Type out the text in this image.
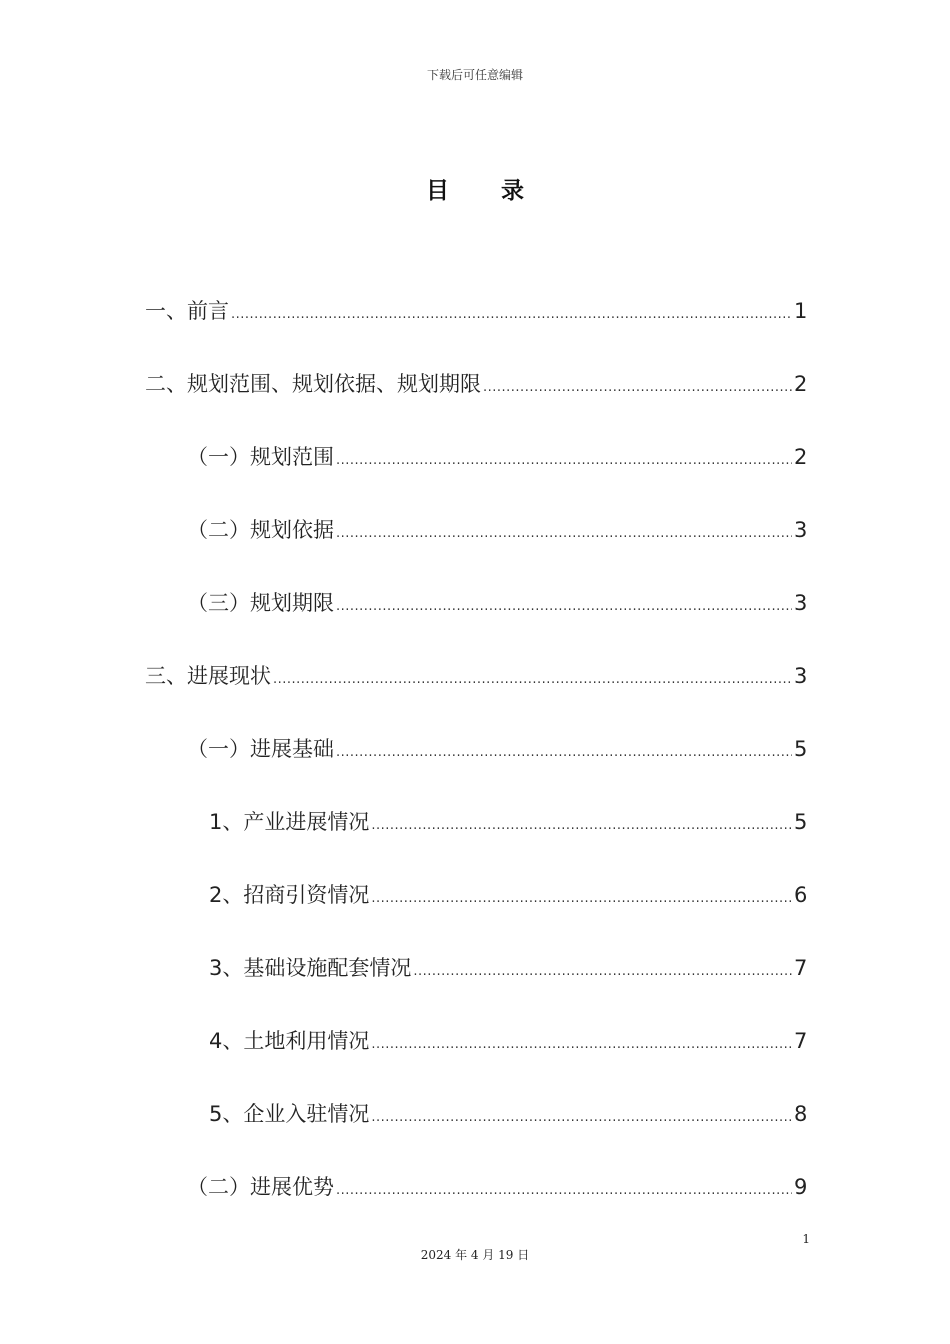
下载后可任意编辑
目 录
一、前言 .....	1
二、规划范围、规划依据、规划期限 .....	2
（一）规划范围 .....	2
（二）规划依据 .....	3
（三）规划期限 .....	3
三、进展现状 .....	3
（一）进展基础 .....	5
1、产业进展情况 .....	5
2、招商引资情况 .....	6
3、基础设施配套情况 .....	7
4、土地利用情况 .....	7
5、企业入驻情况 .....	8
（二）进展优势 .....	9
1
2024 年 4 月 19 日
